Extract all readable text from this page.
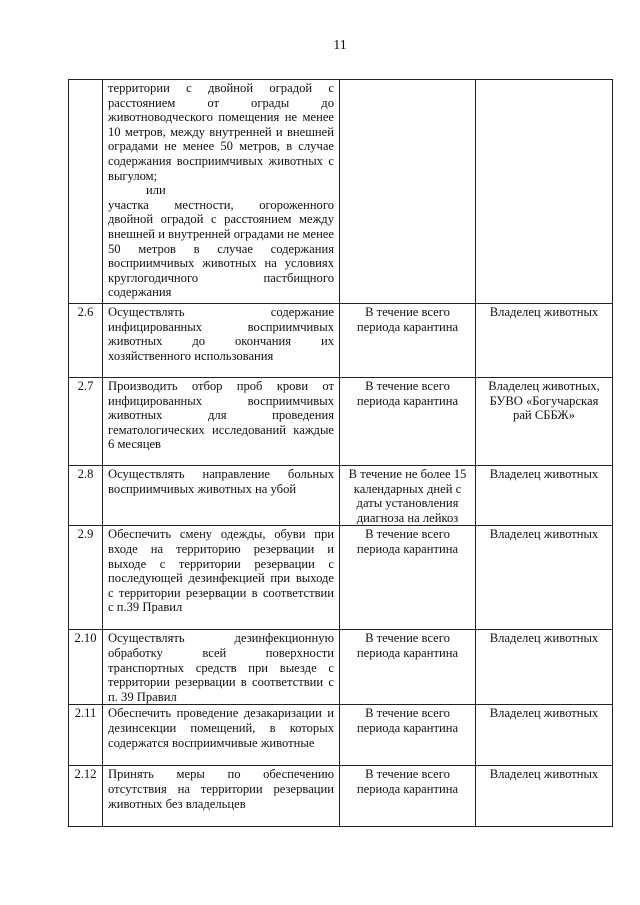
11

	территории с двойной оградой с расстоянием от ограды до животноводческого помещения не менее 10 метров, между внутренней и внешней оградами не менее 50 метров, в случае содержания восприимчивых животных с выгулом;
или
участка местности, огороженного двойной оградой с расстоянием между внешней и внутренней оградами не менее 50 метров в случае содержания восприимчивых животных на условиях круглогодичного пастбищного содержания		

2.6	Осуществлять содержание инфицированных восприимчивых животных до окончания их хозяйственного использования	В течение всего периода карантина	Владелец животных
2.7	Производить отбор проб крови от инфицированных восприимчивых животных для проведения гематологических исследований каждые 6 месяцев	В течение всего периода карантина	Владелец животных, БУВО «Богучарская рай СББЖ»
2.8	Осуществлять направление больных восприимчивых животных на убой	В течение не более 15 календарных дней с даты установления диагноза на лейкоз	Владелец животных
2.9	Обеспечить смену одежды, обуви при входе на территорию резервации и выходе с территории резервации с последующей дезинфекцией при выходе с территории резервации в соответствии с п.39 Правил	В течение всего периода карантина	Владелец животных
2.10	Осуществлять дезинфекционную обработку всей поверхности транспортных средств при выезде с территории резервации в соответствии с п. 39 Правил	В течение всего периода карантина	Владелец животных
2.11	Обеспечить проведение дезакаризации и дезинсекции помещений, в которых содержатся восприимчивые животные	В течение всего периода карантина	Владелец животных
2.12	Принять меры по обеспечению отсутствия на территории резервации животных без владельцев	В течение всего периода карантина	Владелец животных
